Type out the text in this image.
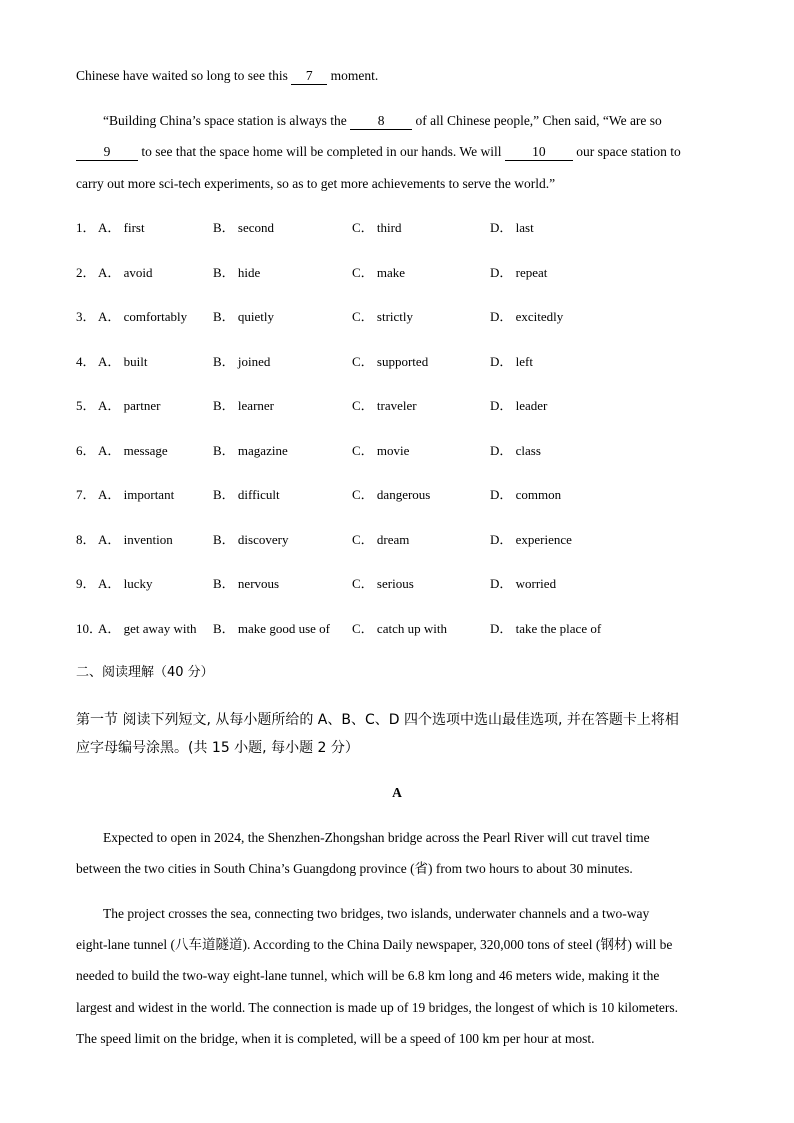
Chinese have waited so long to see this 7 moment.
“Building China’s space station is always the 8 of all Chinese people,” Chen said, “We are so
9 to see that the space home will be completed in our hands. We will 10 our space station to
carry out more sci-tech experiments, so as to get more achievements to serve the world.”
1． A． first	B． second	C． third	D． last
2． A． avoid	B． hide	C． make	D． repeat
3． A． comfortably B． quietly	C． strictly	D． excitedly
4． A． built	B． joined	C． supported	D． left
5． A． partner	B． learner	C． traveler	D． leader
6． A． message	B． magazine	C． movie	D． class
7． A． important	B． difficult	C． dangerous	D． common
8． A． invention	B． discovery	C． dream	D． experience
9． A． lucky	B． nervous	C． serious	D． worried
10．
A． get away with B． make good use of C． catch up with	D． take the place of
二、阅读理解（40 分）
第一节 阅读下列短文, 从每小题所给的 A、B、C、D 四个选项中选山最佳选项, 并在答题卡上将相
应字母编号涂黑。(共 15 小题, 每小题 2 分）
A
Expected to open in 2024, the Shenzhen-Zhongshan bridge across the Pearl River will cut travel time
between the two cities in South China’s Guangdong province (省) from two hours to about 30 minutes.
The project crosses the sea, connecting two bridges, two islands, underwater channels and a two-way
eight-lane tunnel (八车道隧道). According to the China Daily newspaper, 320,000 tons of steel (钢材) will be
needed to build the two-way eight-lane tunnel, which will be 6.8 km long and 46 meters wide, making it the
largest and widest in the world. The connection is made up of 19 bridges, the longest of which is 10 kilometers.
The speed limit on the bridge, when it is completed, will be a speed of 100 km per hour at most.
